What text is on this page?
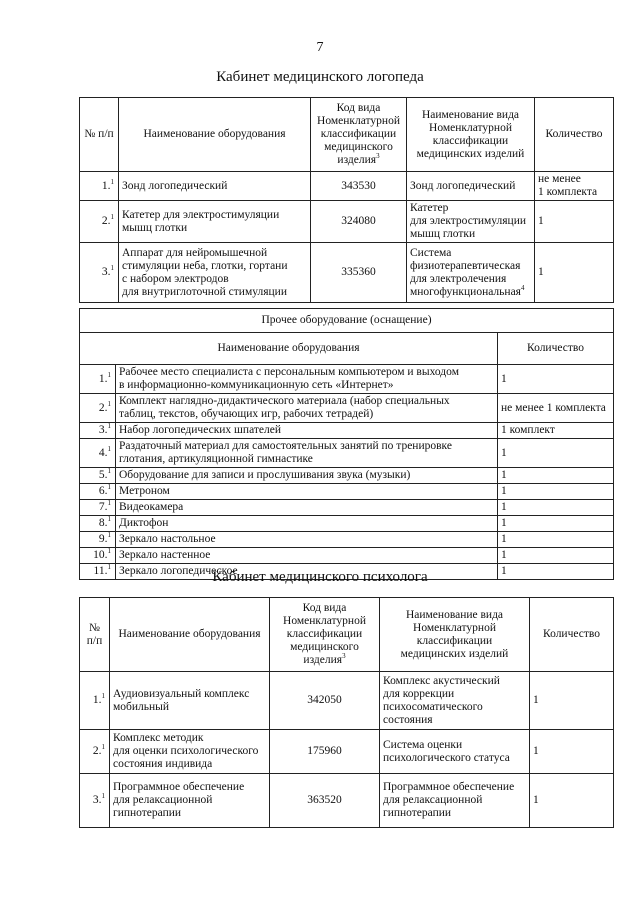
7
Кабинет медицинского логопеда
№ п/п	Наименование оборудования	Код вида
Номенклатурной
классификации
медицинского
изделия$^3$	Наименование вида
Номенклатурной
классификации
медицинских изделий	Количество
1.$^1$	Зонд логопедический	343530	Зонд логопедический	не менее
1 комплекта
2.$^1$	Катетер для электростимуляции
мышц глотки	324080	Катетер
для электростимуляции
мышц глотки	1
3.$^1$	Аппарат для нейромышечной
стимуляции неба, глотки, гортани
с набором электродов
для внутриглоточной стимуляции	335360	Система
физиотерапевтическая
для электролечения
многофункциональная$^4$	1
Прочее оборудование (оснащение)		
Наименование оборудования		Количество
1.$^1$	Рабочее место специалиста с персональным компьютером и выходом
в информационно-коммуникационную сеть «Интернет»	1
2.$^1$	Комплект наглядно-дидактического материала (набор специальных
таблиц, текстов, обучающих игр, рабочих тетрадей)	не менее 1 комплекта
3.$^1$	Набор логопедических шпателей	1 комплект
4.$^1$	Раздаточный материал для самостоятельных занятий по тренировке
глотания, артикуляционной гимнастике	1
5.$^1$	Оборудование для записи и прослушивания звука (музыки)	1
6.$^1$	Метроном	1
7.$^1$	Видеокамера	1
8.$^1$	Диктофон	1
9.$^1$	Зеркало настольное	1
10.$^1$	Зеркало настенное	1
11.$^1$	Зеркало логопедическое	1
Кабинет медицинского психолога
№
п/п	Наименование оборудования	Код вида
Номенклатурной
классификации
медицинского
изделия$^3$	Наименование вида
Номенклатурной
классификации
медицинских изделий	Количество
1.$^1$	Аудиовизуальный комплекс
мобильный	342050	Комплекс акустический
для коррекции
психосоматического
состояния	1
2.$^1$	Комплекс методик
для оценки психологического
состояния индивида	175960	Система оценки
психологического статуса	1
3.$^1$	Программное обеспечение
для релаксационной
гипнотерапии	363520	Программное обеспечение
для релаксационной
гипнотерапии	1
